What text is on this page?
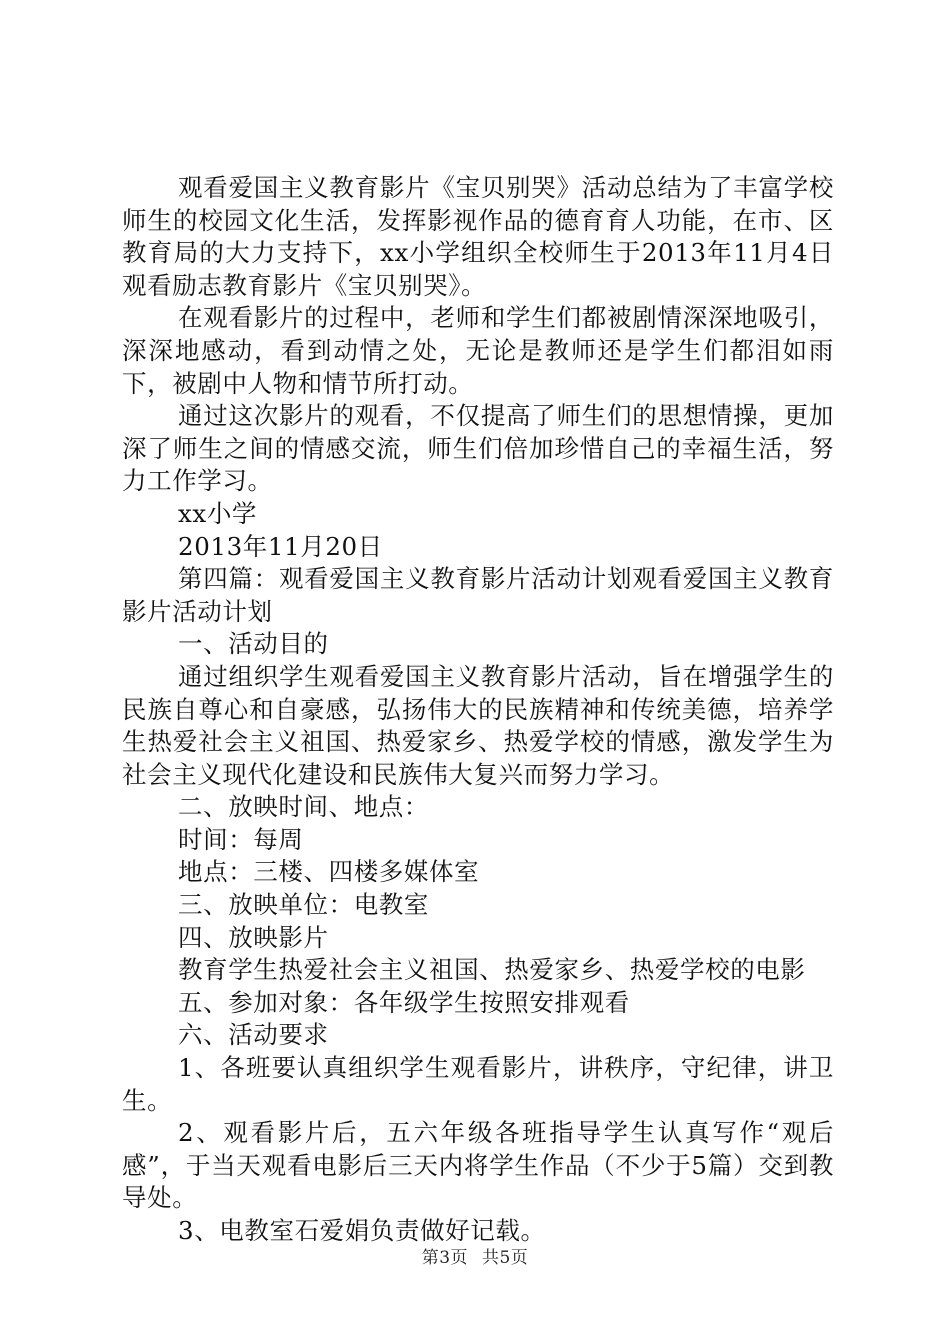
观看爱国主义教育影片《宝贝别哭》活动总结为了丰富学校师生的校园文化生活，发挥影视作品的德育育人功能，在市、区教育局的大力支持下，xx小学组织全校师生于2013年11月4日观看励志教育影片《宝贝别哭》。

在观看影片的过程中，老师和学生们都被剧情深深地吸引，深深地感动，看到动情之处，无论是教师还是学生们都泪如雨下，被剧中人物和情节所打动。

通过这次影片的观看，不仅提高了师生们的思想情操，更加深了师生之间的情感交流，师生们倍加珍惜自己的幸福生活，努力工作学习。

xx小学

2013年11月20日

第四篇：观看爱国主义教育影片活动计划观看爱国主义教育影片活动计划

一、活动目的

通过组织学生观看爱国主义教育影片活动，旨在增强学生的民族自尊心和自豪感，弘扬伟大的民族精神和传统美德，培养学生热爱社会主义祖国、热爱家乡、热爱学校的情感，激发学生为社会主义现代化建设和民族伟大复兴而努力学习。

二、放映时间、地点：

时间：每周

地点：三楼、四楼多媒体室

三、放映单位：电教室

四、放映影片

教育学生热爱社会主义祖国、热爱家乡、热爱学校的电影

五、参加对象：各年级学生按照安排观看

六、活动要求

1、各班要认真组织学生观看影片，讲秩序，守纪律，讲卫生。

2、观看影片后，五六年级各班指导学生认真写作“观后感”，于当天观看电影后三天内将学生作品（不少于5篇）交到教导处。

3、电教室石爱娟负责做好记载。

第3页 共5页
